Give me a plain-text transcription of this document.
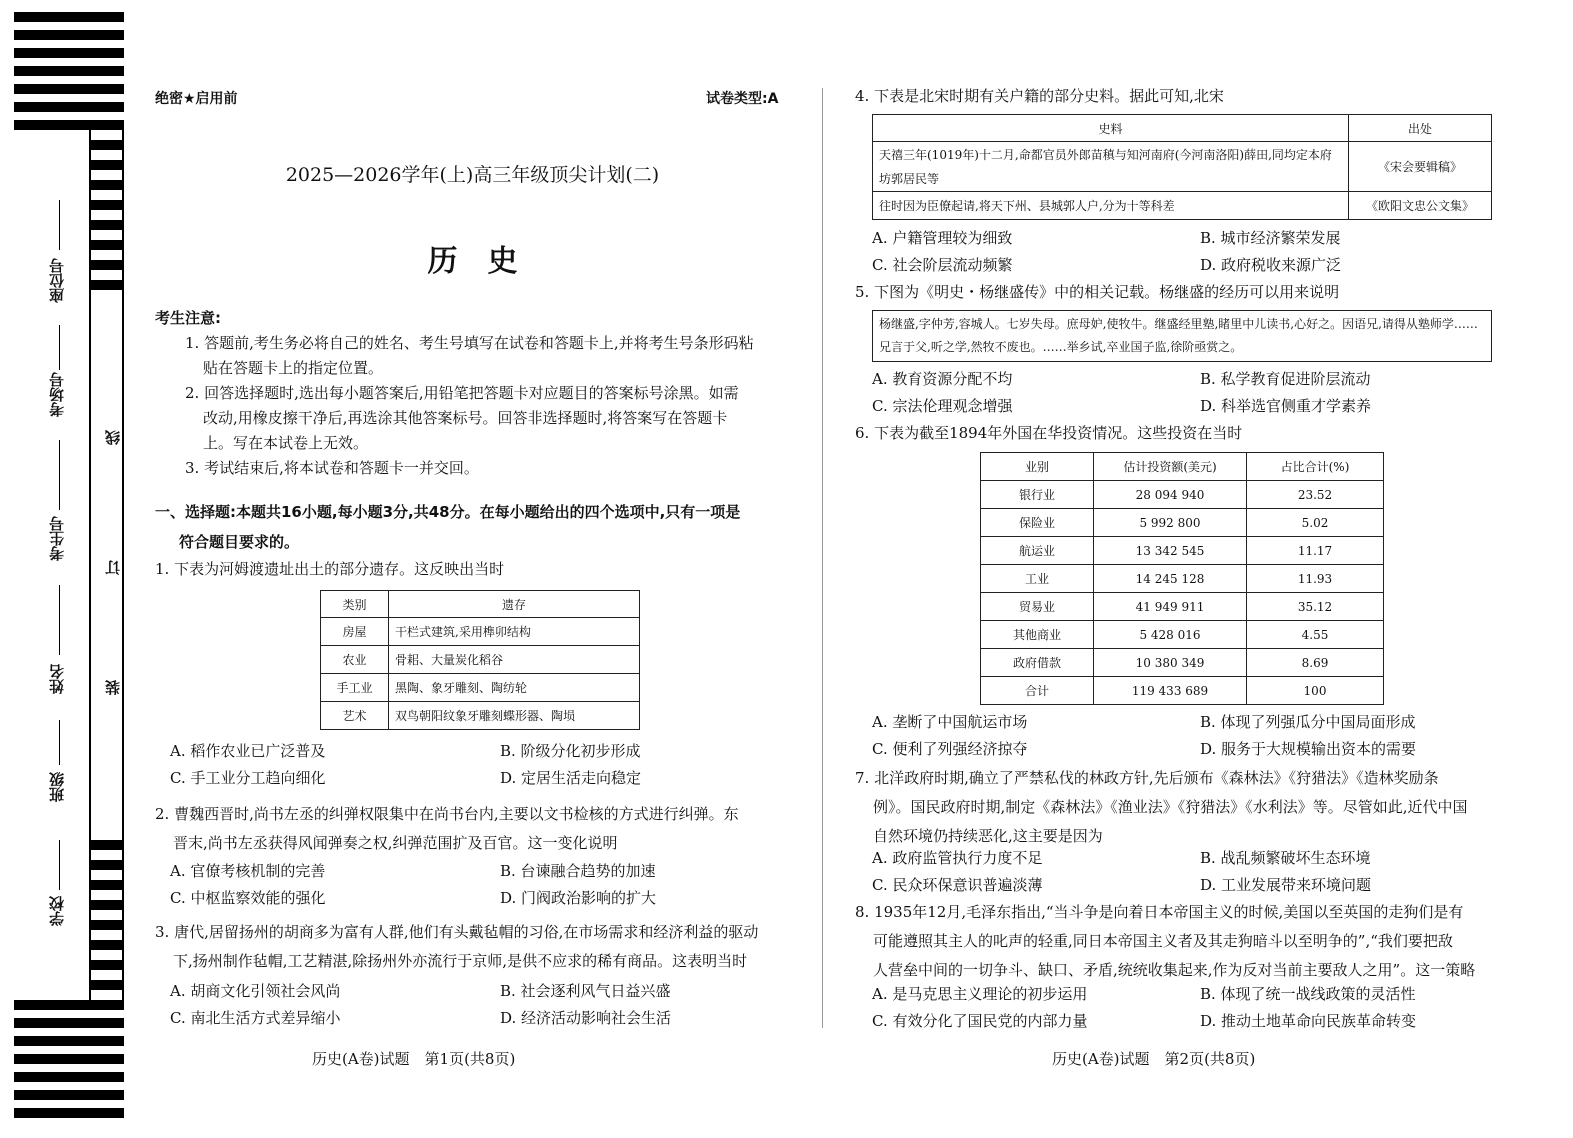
座位号
考场号
考生号
姓名
班级
学校
线
订
装
绝密★启用前	试卷类型:A
2025—2026学年(上)高三年级顶尖计划(二)
历　史
考生注意:
1. 答题前,考生务必将自己的姓名、考生号填写在试卷和答题卡上,并将考生号条形码粘
贴在答题卡上的指定位置。
2. 回答选择题时,选出每小题答案后,用铅笔把答题卡对应题目的答案标号涂黑。如需
改动,用橡皮擦干净后,再选涂其他答案标号。回答非选择题时,将答案写在答题卡
上。写在本试卷上无效。
3. 考试结束后,将本试卷和答题卡一并交回。
一、选择题:本题共16小题,每小题3分,共48分。在每小题给出的四个选项中,只有一项是
符合题目要求的。
1. 下表为河姆渡遗址出土的部分遗存。这反映出当时
类别	遗存
房屋	干栏式建筑,采用榫卯结构
农业	骨耜、大量炭化稻谷
手工业	黑陶、象牙雕刻、陶纺轮
艺术	双鸟朝阳纹象牙雕刻蝶形器、陶埙
A. 稻作农业已广泛普及	B. 阶级分化初步形成
C. 手工业分工趋向细化	D. 定居生活走向稳定
2. 曹魏西晋时,尚书左丞的纠弹权限集中在尚书台内,主要以文书检核的方式进行纠弹。东
晋末,尚书左丞获得风闻弹奏之权,纠弹范围扩及百官。这一变化说明
A. 官僚考核机制的完善	B. 台谏融合趋势的加速
C. 中枢监察效能的强化	D. 门阀政治影响的扩大
3. 唐代,居留扬州的胡商多为富有人群,他们有头戴毡帽的习俗,在市场需求和经济利益的驱动
下,扬州制作毡帽,工艺精湛,除扬州外亦流行于京师,是供不应求的稀有商品。这表明当时
A. 胡商文化引领社会风尚	B. 社会逐利风气日益兴盛
C. 南北生活方式差异缩小	D. 经济活动影响社会生活
历史(A卷)试题　第1页(共8页)
4. 下表是北宋时期有关户籍的部分史料。据此可知,北宋
史料	出处
天禧三年(1019年)十二月,命都官员外郎苗稹与知河南府(今河南洛阳)薛田,同均定本府坊郭居民等	《宋会要辑稿》
往时因为臣僚起请,将天下州、县城郭人户,分为十等科差	《欧阳文忠公文集》
A. 户籍管理较为细致	B. 城市经济繁荣发展
C. 社会阶层流动频繁	D. 政府税收来源广泛
5. 下图为《明史・杨继盛传》中的相关记载。杨继盛的经历可以用来说明
杨继盛,字仲芳,容城人。七岁失母。庶母妒,使牧牛。继盛经里塾,睹里中儿读书,心好之。因语兄,请得从塾师学……兄言于父,听之学,然牧不废也。……举乡试,卒业国子监,徐阶亟赏之。
A. 教育资源分配不均	B. 私学教育促进阶层流动
C. 宗法伦理观念增强	D. 科举选官侧重才学素养
6. 下表为截至1894年外国在华投资情况。这些投资在当时
业别	估计投资额(美元)	占比合计(%)
银行业	28 094 940	23.52
保险业	5 992 800	5.02
航运业	13 342 545	11.17
工业	14 245 128	11.93
贸易业	41 949 911	35.12
其他商业	5 428 016	4.55
政府借款	10 380 349	8.69
合计	119 433 689	100
A. 垄断了中国航运市场	B. 体现了列强瓜分中国局面形成
C. 便利了列强经济掠夺	D. 服务于大规模输出资本的需要
7. 北洋政府时期,确立了严禁私伐的林政方针,先后颁布《森林法》《狩猎法》《造林奖励条
例》。国民政府时期,制定《森林法》《渔业法》《狩猎法》《水利法》等。尽管如此,近代中国
自然环境仍持续恶化,这主要是因为
A. 政府监管执行力度不足	B. 战乱频繁破坏生态环境
C. 民众环保意识普遍淡薄	D. 工业发展带来环境问题
8. 1935年12月,毛泽东指出,“当斗争是向着日本帝国主义的时候,美国以至英国的走狗们是有
可能遵照其主人的叱声的轻重,同日本帝国主义者及其走狗暗斗以至明争的”,“我们要把敌
人营垒中间的一切争斗、缺口、矛盾,统统收集起来,作为反对当前主要敌人之用”。这一策略
A. 是马克思主义理论的初步运用	B. 体现了统一战线政策的灵活性
C. 有效分化了国民党的内部力量	D. 推动土地革命向民族革命转变
历史(A卷)试题　第2页(共8页)
